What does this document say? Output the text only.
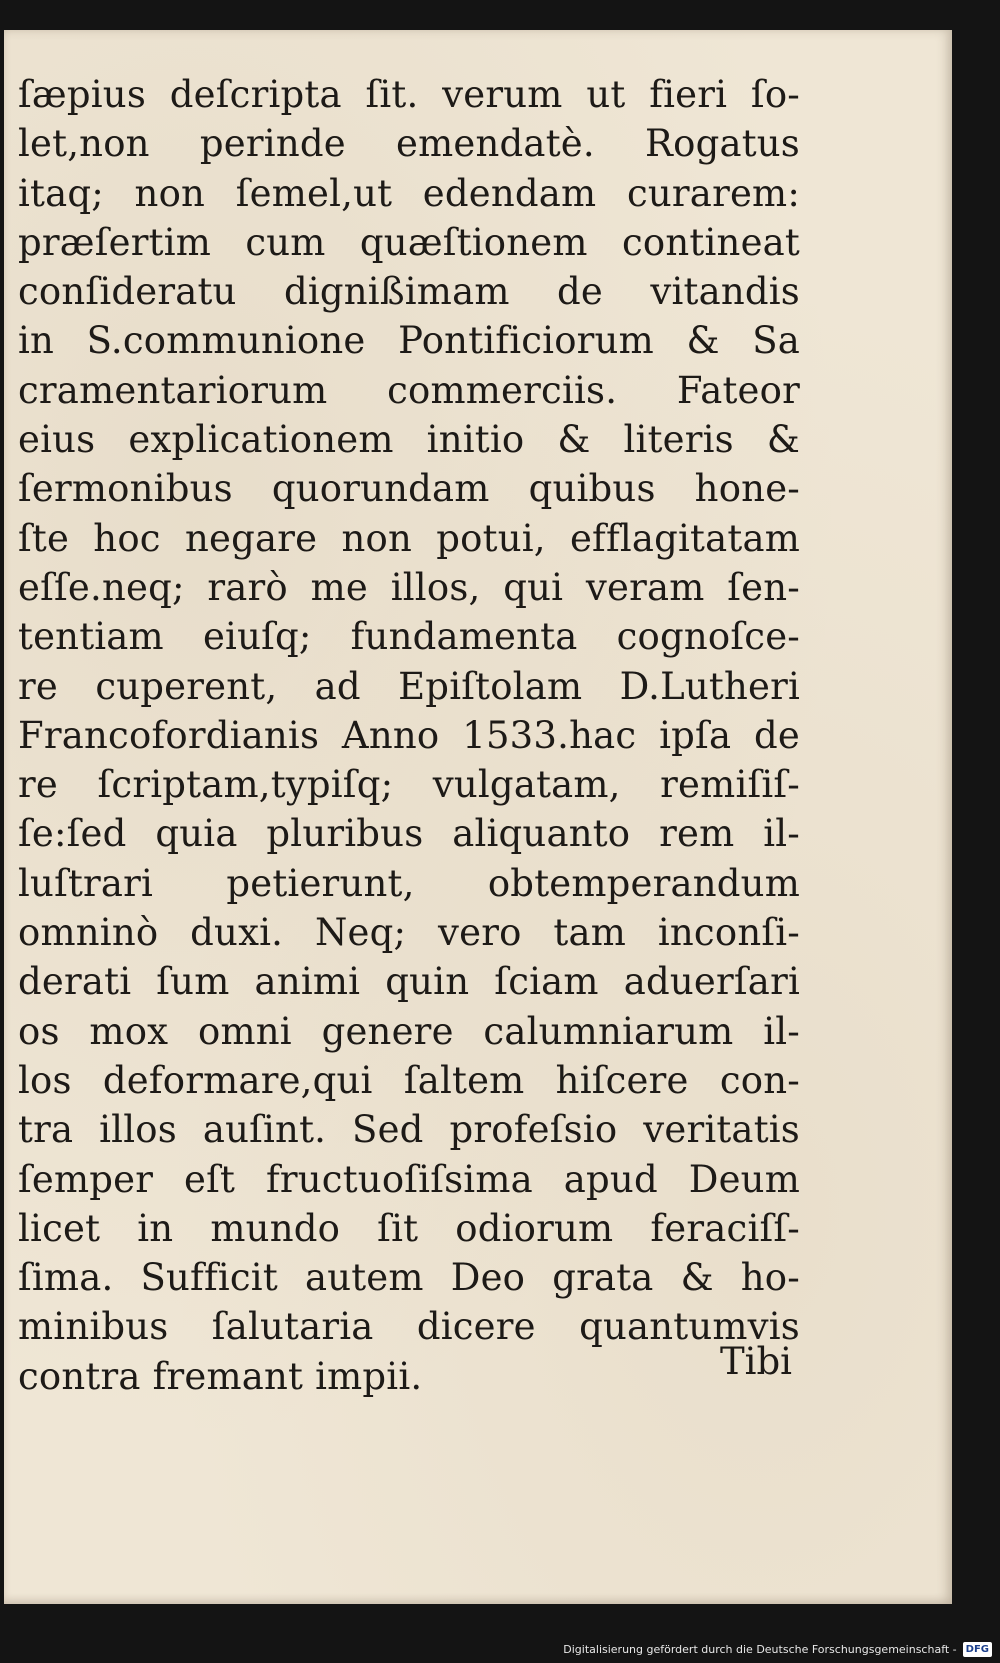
ſæpius deſcripta ſit. verum ut fieri ſo-
let,non perinde emendatè. Rogatus
itaq; non ſemel,ut edendam curarem:
præſertim cum quæſtionem contineat
conſideratu dignißimam de vitandis
in S.communione Pontificiorum & Sa
cramentariorum commerciis. Fateor
eius explicationem initio & literis &
ſermonibus quorundam quibus hone-
ſte hoc negare non potui, efflagitatam
eſſe.neq; rarò me illos, qui veram ſen-
tentiam eiuſq; fundamenta cognoſce-
re cuperent, ad Epiſtolam D.Lutheri
Francofordianis Anno 1533.hac ipſa de
re ſcriptam,typiſq; vulgatam, remiſiſ-
ſe:ſed quia pluribus aliquanto rem il-
luſtrari petierunt, obtemperandum
omninò duxi. Neq; vero tam inconſi-
derati ſum animi quin ſciam aduerſari
os mox omni genere calumniarum il-
los deformare,qui ſaltem hiſcere con-
tra illos auſint. Sed profeſsio veritatis
ſemper eſt fructuoſiſsima apud Deum
licet in mundo ſit odiorum feraciſſ-
ſima. Sufficit autem Deo grata & ho-
minibus ſalutaria dicere quantumvis
contra fremant impii.	Tibi
Digitalisierung gefördert durch die Deutsche Forschungsgemeinschaft - DFG
